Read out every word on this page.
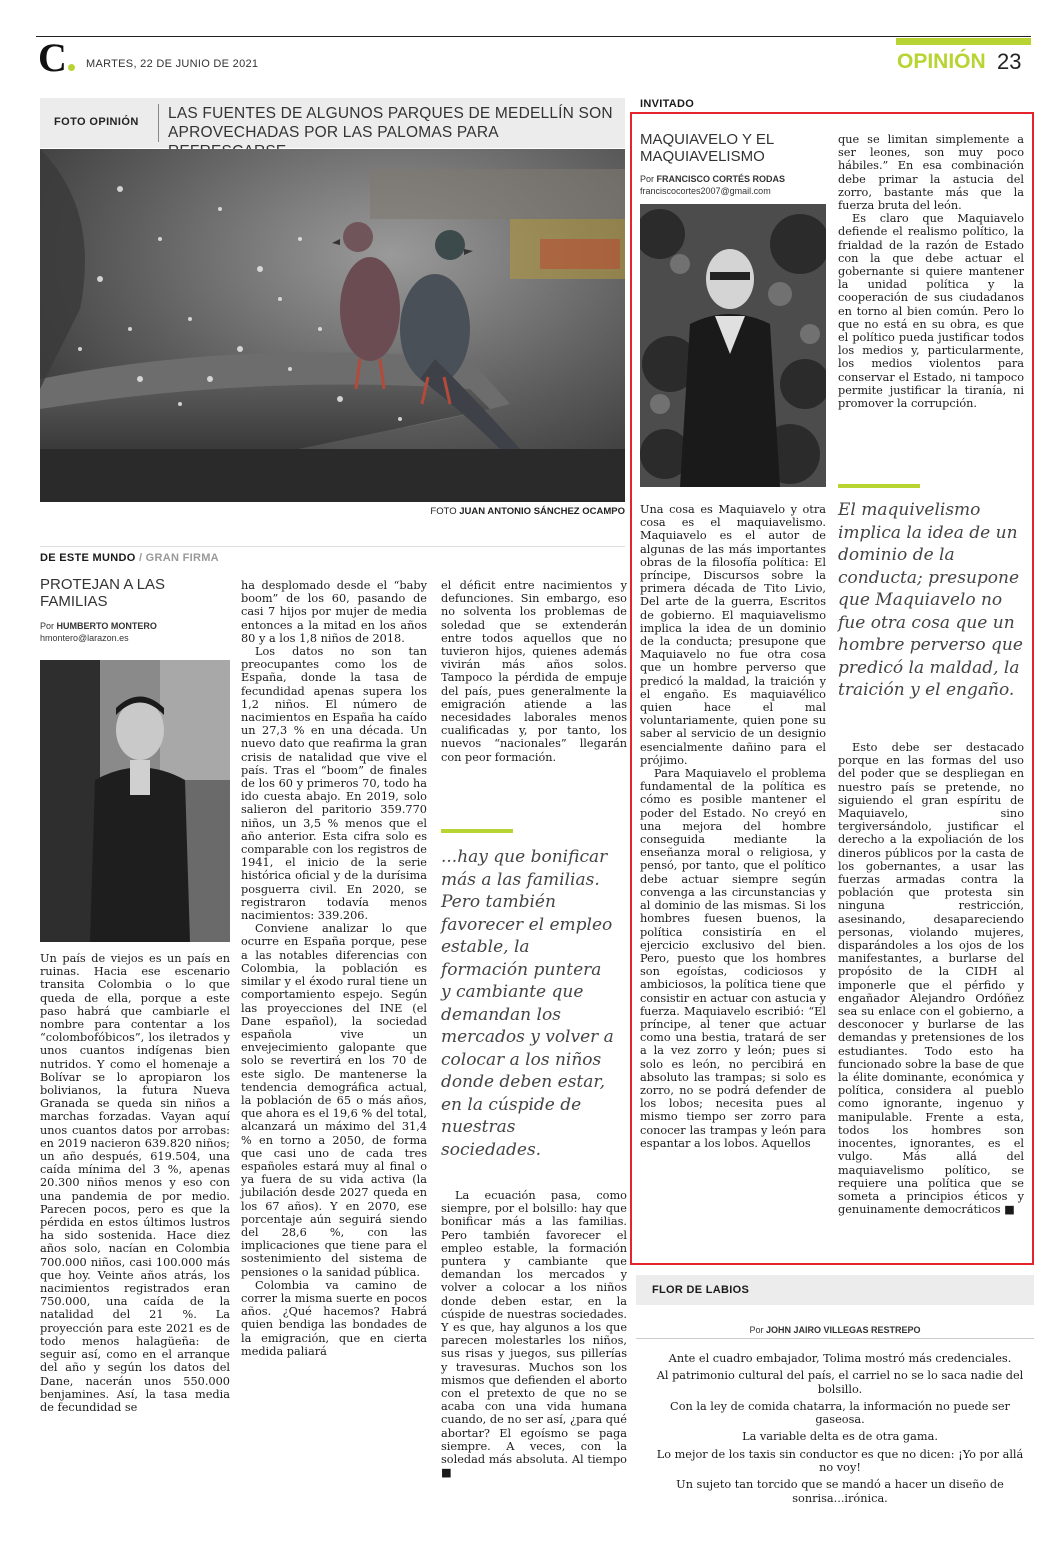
C	MARTES, 22 DE JUNIO DE 2021	OPINIÓN 23
FOTO OPINIÓN LAS FUENTES DE ALGUNOS PARQUES DE MEDELLÍN SON APROVECHADAS POR LAS PALOMAS PARA
FOTO JUAN ANTONIO SÁNCHEZ OCAMPO
DE ESTE MUNDO / GRAN FIRMA
PROTEJAN A LAS FAMILIAS
Por HUMBERTO MONTERO
hmontero@larazon.es

Un país de viejos es un país en ruinas. Hacia ese escenario transita Colombia o lo que queda de ella, porque a este paso habrá que cambiarle el nombre para contentar a los “colombofóbicos”, los iletrados y unos cuantos indígenas bien nutridos. Y como el homenaje a Bolívar se lo apropiaron los bolivianos, la futura Nueva Granada se queda sin niños a marchas forzadas. Vayan aquí unos cuantos datos por arrobas: en 2019 nacieron 639.820 niños; un año después, 619.504, una caída mínima del 3 %, apenas 20.300 niños menos y eso con una pandemia de por medio. Parecen pocos, pero es que la pérdida en estos últimos lustros ha sido sostenida. Hace diez años solo, nacían en Colombia 700.000 niños, casi 100.000 más que hoy. Veinte años atrás, los nacimientos registrados eran 750.000, una caída de la natalidad del 21 %. La proyección para este 2021 es de todo menos halagüeña: de seguir así, como en el arranque del año y según los datos del Dane, nacerán unos 550.000 benjamines. Así, la tasa media de fecundidad se

ha desplomado desde el “baby boom” de los 60, pasando de casi 7 hijos por mujer de media entonces a la mitad en los años 80 y a los 1,8 niños de 2018.

Los datos no son tan preocupantes como los de España, donde la tasa de fecundidad apenas supera los 1,2 niños. El número de nacimientos en España ha caído un 27,3 % en una década. Un nuevo dato que reafirma la gran crisis de natalidad que vive el país. Tras el “boom” de finales de los 60 y primeros 70, todo ha ido cuesta abajo. En 2019, solo salieron del paritorio 359.770 niños, un 3,5 % menos que el año anterior. Esta cifra solo es comparable con los registros de 1941, el inicio de la serie histórica oficial y de la durísima posguerra civil. En 2020, se registraron todavía menos nacimientos: 339.206.

Conviene analizar lo que ocurre en España porque, pese a las notables diferencias con Colombia, la población es similar y el éxodo rural tiene un comportamiento espejo. Según las proyecciones del INE (el Dane español), la sociedad española vive un envejecimiento galopante que solo se revertirá en los 70 de este siglo. De mantenerse la tendencia demográfica actual, la población de 65 o más años, que ahora es el 19,6 % del total, alcanzará un máximo del 31,4 % en torno a 2050, de forma que casi uno de cada tres españoles estará muy al final o ya fuera de su vida activa (la jubilación desde 2027 queda en los 67 años). Y en 2070, ese porcentaje aún seguirá siendo del 28,6 %, con las implicaciones que tiene para el sostenimiento del sistema de pensiones o la sanidad pública.

Colombia va camino de correr la misma suerte en pocos años. ¿Qué hacemos? Habrá quien bendiga las bondades de la emigración, que en cierta medida paliará

el déficit entre nacimientos y defunciones. Sin embargo, eso no solventa los problemas de soledad que se extenderán entre todos aquellos que no tuvieron hijos, quienes además vivirán más años solos. Tampoco la pérdida de empuje del país, pues generalmente la emigración atiende a las necesidades laborales menos cualificadas y, por tanto, los nuevos “nacionales” llegarán con peor formación.

...hay que bonificar más a las familias. Pero también favorecer el empleo estable, la formación puntera y cambiante que demandan los mercados y volver a colocar a los niños donde deben estar, en la cúspide de nuestras sociedades.

La ecuación pasa, como siempre, por el bolsillo: hay que bonificar más a las familias. Pero también favorecer el empleo estable, la formación puntera y cambiante que demandan los mercados y volver a colocar a los niños donde deben estar, en la cúspide de nuestras sociedades. Y es que, hay algunos a los que parecen molestarles los niños, sus risas y juegos, sus pillerías y travesuras. Muchos son los mismos que defienden el aborto con el pretexto de que no se acaba con una vida humana cuando, de no ser así, ¿para qué abortar? El egoísmo se paga siempre. A veces, con la soledad más absoluta. Al tiempo ■

INVITADO
MAQUIAVELO Y EL MAQUIAVELISMO
Por FRANCISCO CORTÉS RODAS
franciscocortes2007@gmail.com

Una cosa es Maquiavelo y otra cosa es el maquiavelismo. Maquiavelo es el autor de algunas de las más importantes obras de la filosofía política: El príncipe, Discursos sobre la primera década de Tito Livio, Del arte de la guerra, Escritos de gobierno. El maquiavelismo implica la idea de un dominio de la conducta; presupone que Maquiavelo no fue otra cosa que un hombre perverso que predicó la maldad, la traición y el engaño. Es maquiavélico quien hace el mal voluntariamente, quien pone su saber al servicio de un designio esencialmente dañino para el prójimo.

Para Maquiavelo el problema fundamental de la política es cómo es posible mantener el poder del Estado. No creyó en una mejora del hombre conseguida mediante la enseñanza moral o religiosa, y pensó, por tanto, que el político debe actuar siempre según convenga a las circunstancias y al dominio de las mismas. Si los hombres fuesen buenos, la política consistiría en el ejercicio exclusivo del bien. Pero, puesto que los hombres son egoístas, codiciosos y ambiciosos, la política tiene que consistir en actuar con astucia y fuerza. Maquiavelo escribió: “El príncipe, al tener que actuar como una bestia, tratará de ser a la vez zorro y león; pues si solo es león, no percibirá en absoluto las trampas; si solo es zorro, no se podrá defender de los lobos; necesita pues al mismo tiempo ser zorro para conocer las trampas y león para espantar a los lobos. Aquellos

que se limitan simplemente a ser leones, son muy poco hábiles.” En esa combinación debe primar la astucia del zorro, bastante más que la fuerza bruta del león.

Es claro que Maquiavelo defiende el realismo político, la frialdad de la razón de Estado con la que debe actuar el gobernante si quiere mantener la unidad política y la cooperación de sus ciudadanos en torno al bien común. Pero lo que no está en su obra, es que el político pueda justificar todos los medios y, particularmente, los medios violentos para conservar el Estado, ni tampoco permite justificar la tiranía, ni promover la corrupción.

El maquivelismo implica la idea de un dominio de la conducta; presupone que Maquiavelo no fue otra cosa que un hombre perverso que predicó la maldad, la traición y el engaño.

Esto debe ser destacado porque en las formas del uso del poder que se despliegan en nuestro país se pretende, no siguiendo el gran espíritu de Maquiavelo, sino tergiversándolo, justificar el derecho a la expoliación de los dineros públicos por la casta de los gobernantes, a usar las fuerzas armadas contra la población que protesta sin ninguna restricción, asesinando, desapareciendo personas, violando mujeres, disparándoles a los ojos de los manifestantes, a burlarse del propósito de la CIDH al imponerle que el pérfido y engañador Alejandro Ordóñez sea su enlace con el gobierno, a desconocer y burlarse de las demandas y pretensiones de los estudiantes. Todo esto ha funcionado sobre la base de que la élite dominante, económica y política, considera al pueblo como ignorante, ingenuo y manipulable. Frente a esta, todos los hombres son inocentes, ignorantes, es el vulgo. Más allá del maquiavelismo político, se requiere una política que se someta a principios éticos y genuinamente democráticos ■

FLOR DE LABIOS
Por JOHN JAIRO VILLEGAS RESTREPO
Ante el cuadro embajador, Tolima mostró más credenciales.
Al patrimonio cultural del país, el carriel no se lo saca nadie del bolsillo.
Con la ley de comida chatarra, la información no puede ser gaseosa.
La variable delta es de otra gama.
Lo mejor de los taxis sin conductor es que no dicen: ¡Yo por allá no voy!
Un sujeto tan torcido que se mandó a hacer un diseño de sonrisa...irónica.
